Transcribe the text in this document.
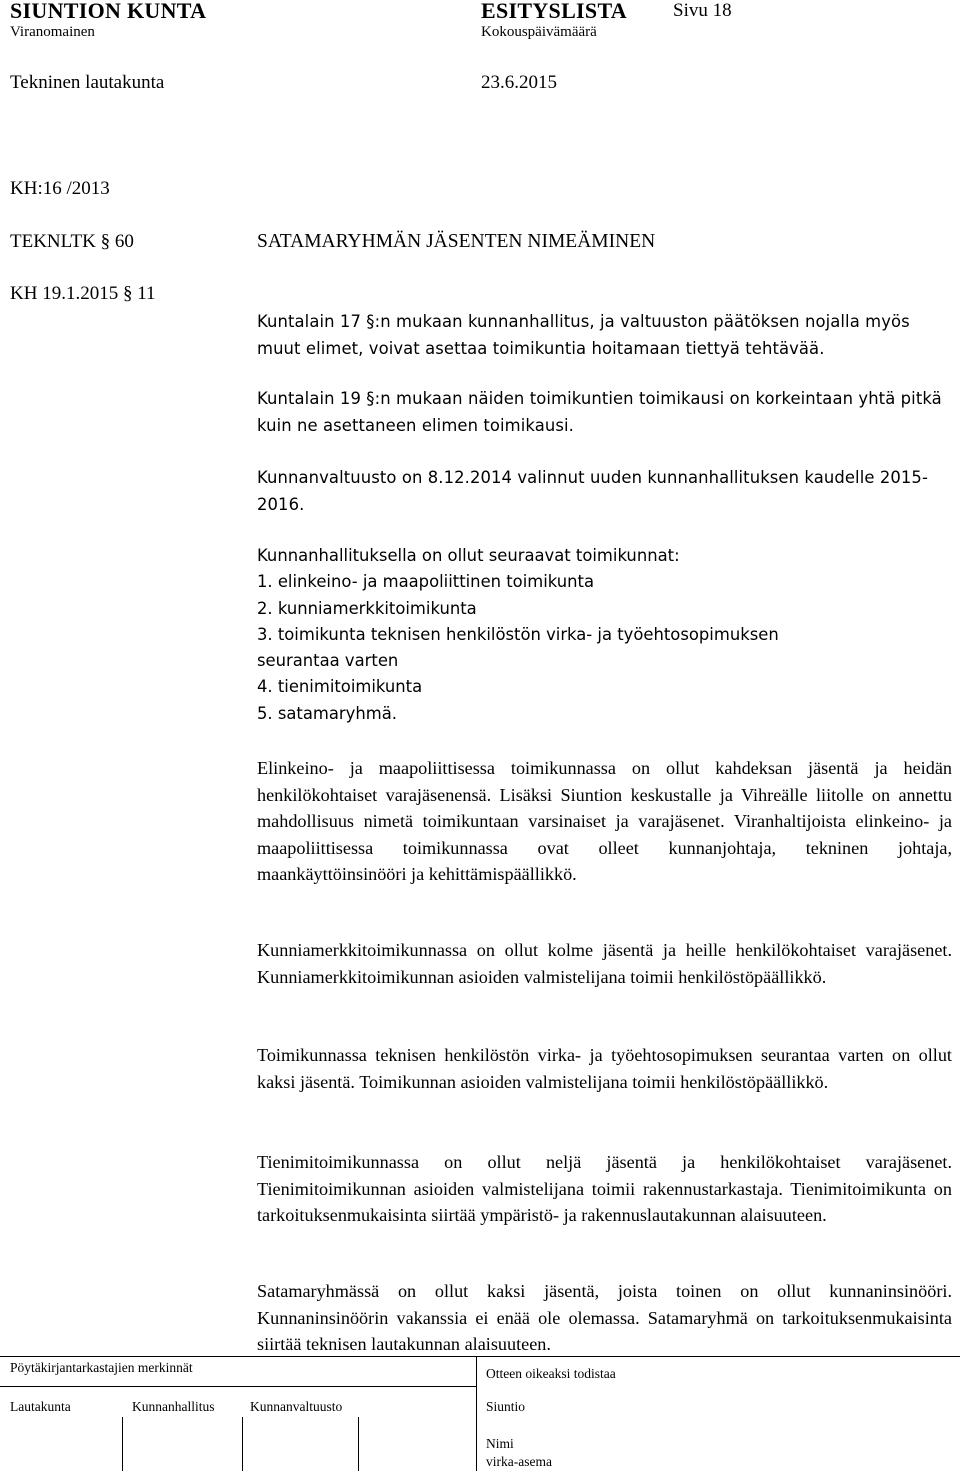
SIUNTION KUNTA	ESITYSLISTA Sivu 18
Viranomainen	Kokouspäivämäärä
Tekninen lautakunta	23.6.2015
KH:16 /2013
TEKNLTK § 60
KH 19.1.2015 § 11
SATAMARYHMÄN JÄSENTEN NIMEÄMINEN

Kuntalain 17 §:n mukaan kunnanhallitus, ja valtuuston päätöksen nojalla myös muut elimet, voivat asettaa toimikuntia hoitamaan tiettyä tehtävää.

Kuntalain 19 §:n mukaan näiden toimikuntien toimikausi on korkeintaan yhtä pitkä kuin ne asettaneen elimen toimikausi.

Kunnanvaltuusto on 8.12.2014 valinnut uuden kunnanhallituksen kaudelle 2015-2016.

Kunnanhallituksella on ollut seuraavat toimikunnat:
1. elinkeino- ja maapoliittinen toimikunta
2. kunniamerkkitoimikunta
3. toimikunta teknisen henkilöstön virka- ja työehtosopimuksen
seurantaa varten
4. tienimitoimikunta
5. satamaryhmä.

Elinkeino- ja maapoliittisessa toimikunnassa on ollut kahdeksan jäsentä ja heidän henkilökohtaiset varajäsenensä. Lisäksi Siuntion keskustalle ja Vihreälle liitolle on annettu mahdollisuus nimetä toimikuntaan varsinaiset ja varajäsenet. Viranhaltijoista elinkeino- ja maapoliittisessa toimikunnassa ovat olleet kunnanjohtaja, tekninen johtaja, maankäyttöinsinööri ja kehittämispäällikkö.

Kunniamerkkitoimikunnassa on ollut kolme jäsentä ja heille henkilökohtaiset varajäsenet. Kunniamerkkitoimikunnan asioiden valmistelijana toimii henkilöstöpäällikkö.

Toimikunnassa teknisen henkilöstön virka- ja työehtosopimuksen seurantaa varten on ollut kaksi jäsentä. Toimikunnan asioiden valmistelijana toimii henkilöstöpäällikkö.

Tienimitoimikunnassa on ollut neljä jäsentä ja henkilökohtaiset varajäsenet. Tienimitoimikunnan asioiden valmistelijana toimii rakennustarkastaja. Tienimitoimikunta on tarkoituksenmukaisinta siirtää ympäristö- ja rakennuslautakunnan alaisuuteen.

Satamaryhmässä on ollut kaksi jäsentä, joista toinen on ollut kunnaninsinööri. Kunnaninsinöörin vakanssia ei enää ole olemassa. Satamaryhmä on tarkoituksenmukaisinta siirtää teknisen lautakunnan alaisuuteen.

Pöytäkirjantarkastajien merkinnät
Lautakunta	Kunnanhallitus	Kunnanvaltuusto
Otteen oikeaksi todistaa
Siuntio
Nimi
virka-asema
